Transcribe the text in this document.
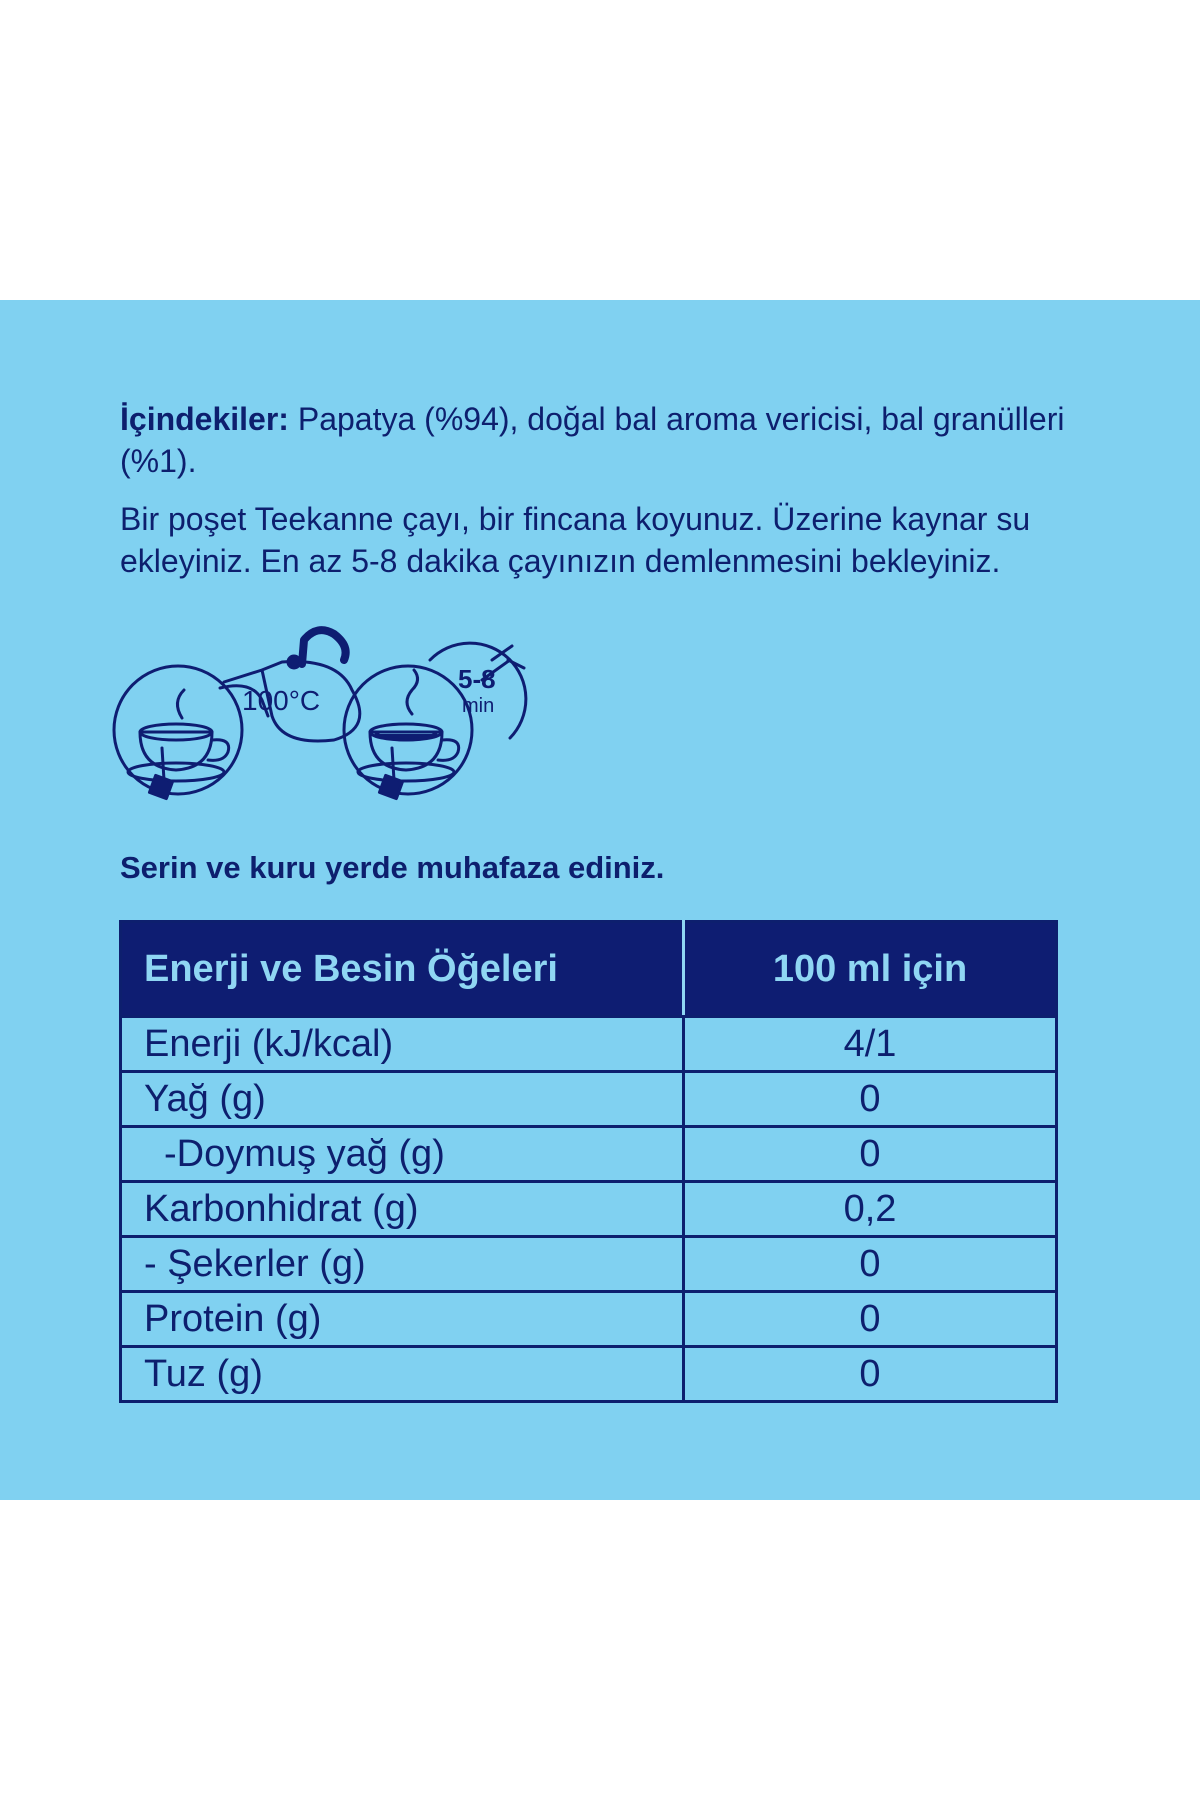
İçindekiler: Papatya (%94), doğal bal aroma vericisi, bal granülleri (%1).

Bir poşet Teekanne çayı, bir fincana koyunuz. Üzerine kaynar su ekleyiniz. En az 5-8 dakika çayınızın demlenmesini bekleyiniz.

100°C
5-8
min

Serin ve kuru yerde muhafaza ediniz.

Enerji ve Besin Öğeleri	100 ml için
Enerji (kJ/kcal)	4/1
Yağ (g)	0
-Doymuş yağ (g)	0
Karbonhidrat (g)	0,2
- Şekerler (g)	0
Protein (g)	0
Tuz (g)	0
